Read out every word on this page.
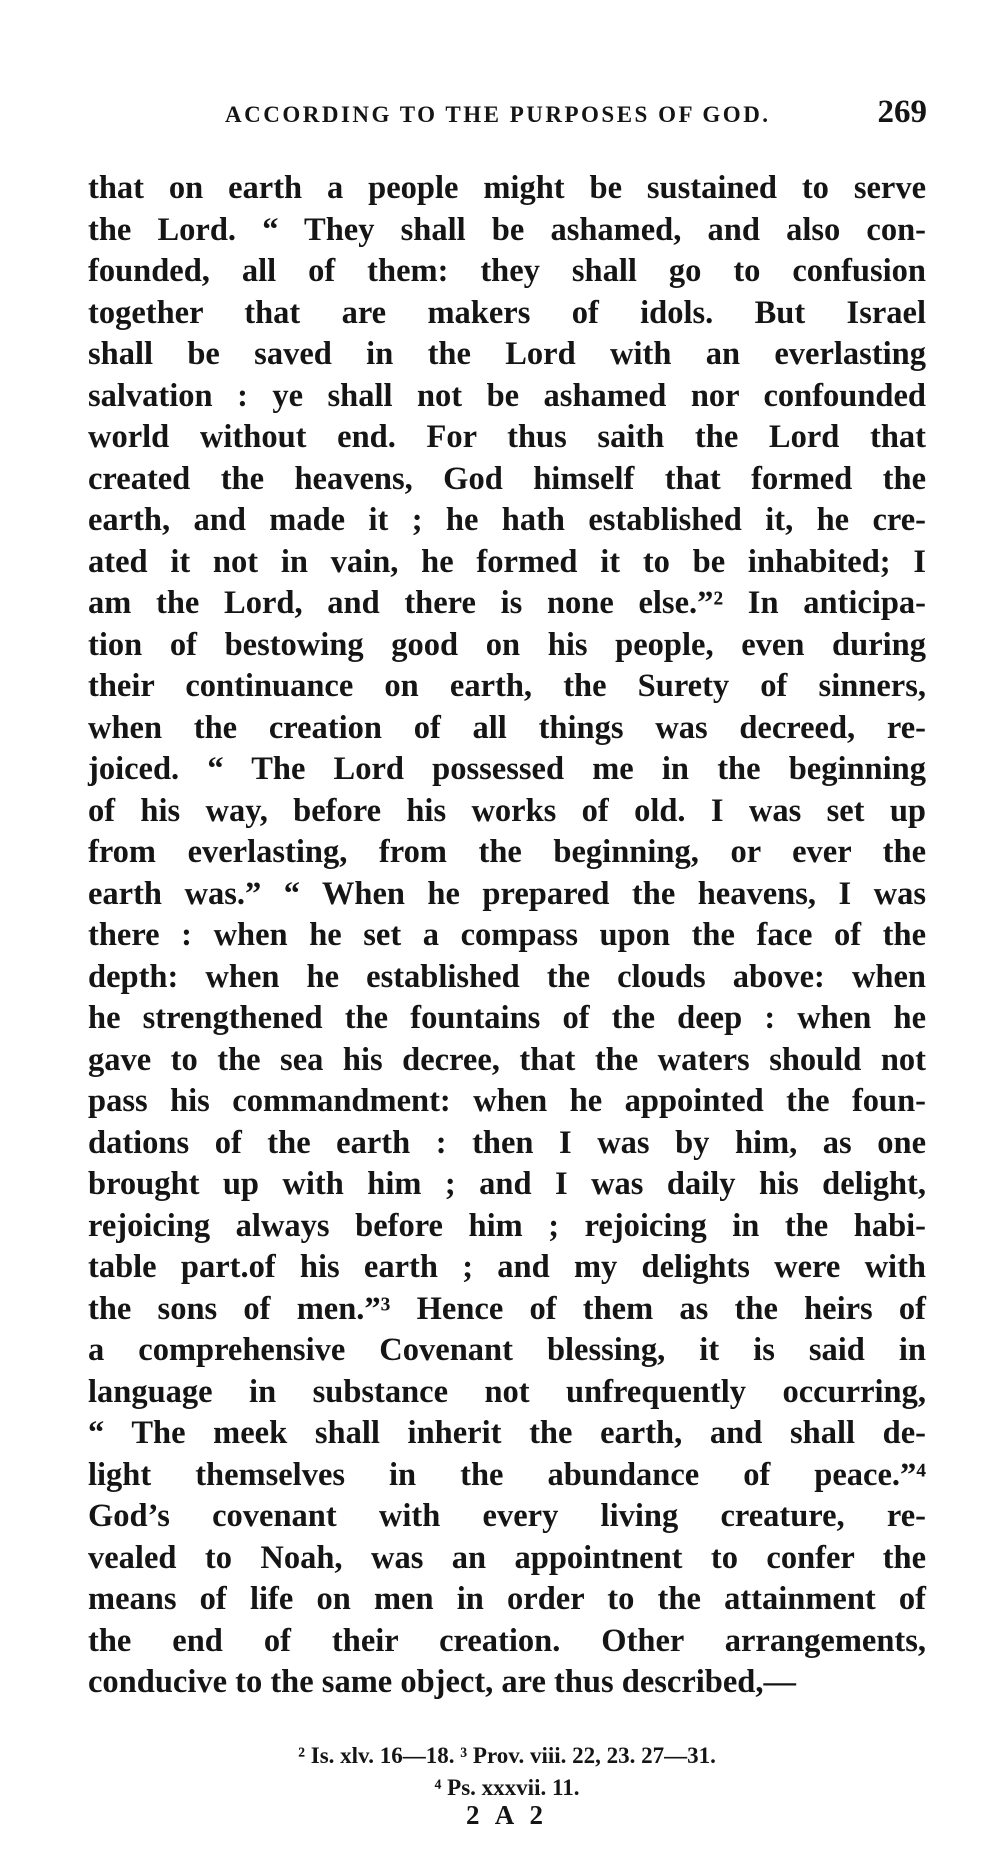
ACCORDING TO THE PURPOSES OF GOD.	269
that on earth a people might be sustained to serve
the Lord. “ They shall be ashamed, and also con-
founded, all of them: they shall go to confusion
together that are makers of idols. But Israel
shall be saved in the Lord with an everlasting
salvation : ye shall not be ashamed nor confounded
world without end. For thus saith the Lord that
created the heavens, God himself that formed the
earth, and made it ; he hath established it, he cre-
ated it not in vain, he formed it to be inhabited; I
am the Lord, and there is none else.”² In anticipa-
tion of bestowing good on his people, even during
their continuance on earth, the Surety of sinners,
when the creation of all things was decreed, re-
joiced. “ The Lord possessed me in the beginning
of his way, before his works of old. I was set up
from everlasting, from the beginning, or ever the
earth was.” “ When he prepared the heavens, I was
there : when he set a compass upon the face of the
depth: when he established the clouds above: when
he strengthened the fountains of the deep : when he
gave to the sea his decree, that the waters should not
pass his commandment: when he appointed the foun-
dations of the earth : then I was by him, as one
brought up with him ; and I was daily his delight,
rejoicing always before him ; rejoicing in the habi-
table part.of his earth ; and my delights were with
the sons of men.”³ Hence of them as the heirs of
a comprehensive Covenant blessing, it is said in
language in substance not unfrequently occurring,
“ The meek shall inherit the earth, and shall de-
light themselves in the abundance of peace.”⁴
God’s covenant with every living creature, re-
vealed to Noah, was an appointnent to confer the
means of life on men in order to the attainment of
the end of their creation. Other arrangements,
conducive to the same object, are thus described,—
² Is. xlv. 16—18. ³ Prov. viii. 22, 23. 27—31.
⁴ Ps. xxxvii. 11.
2 A 2
